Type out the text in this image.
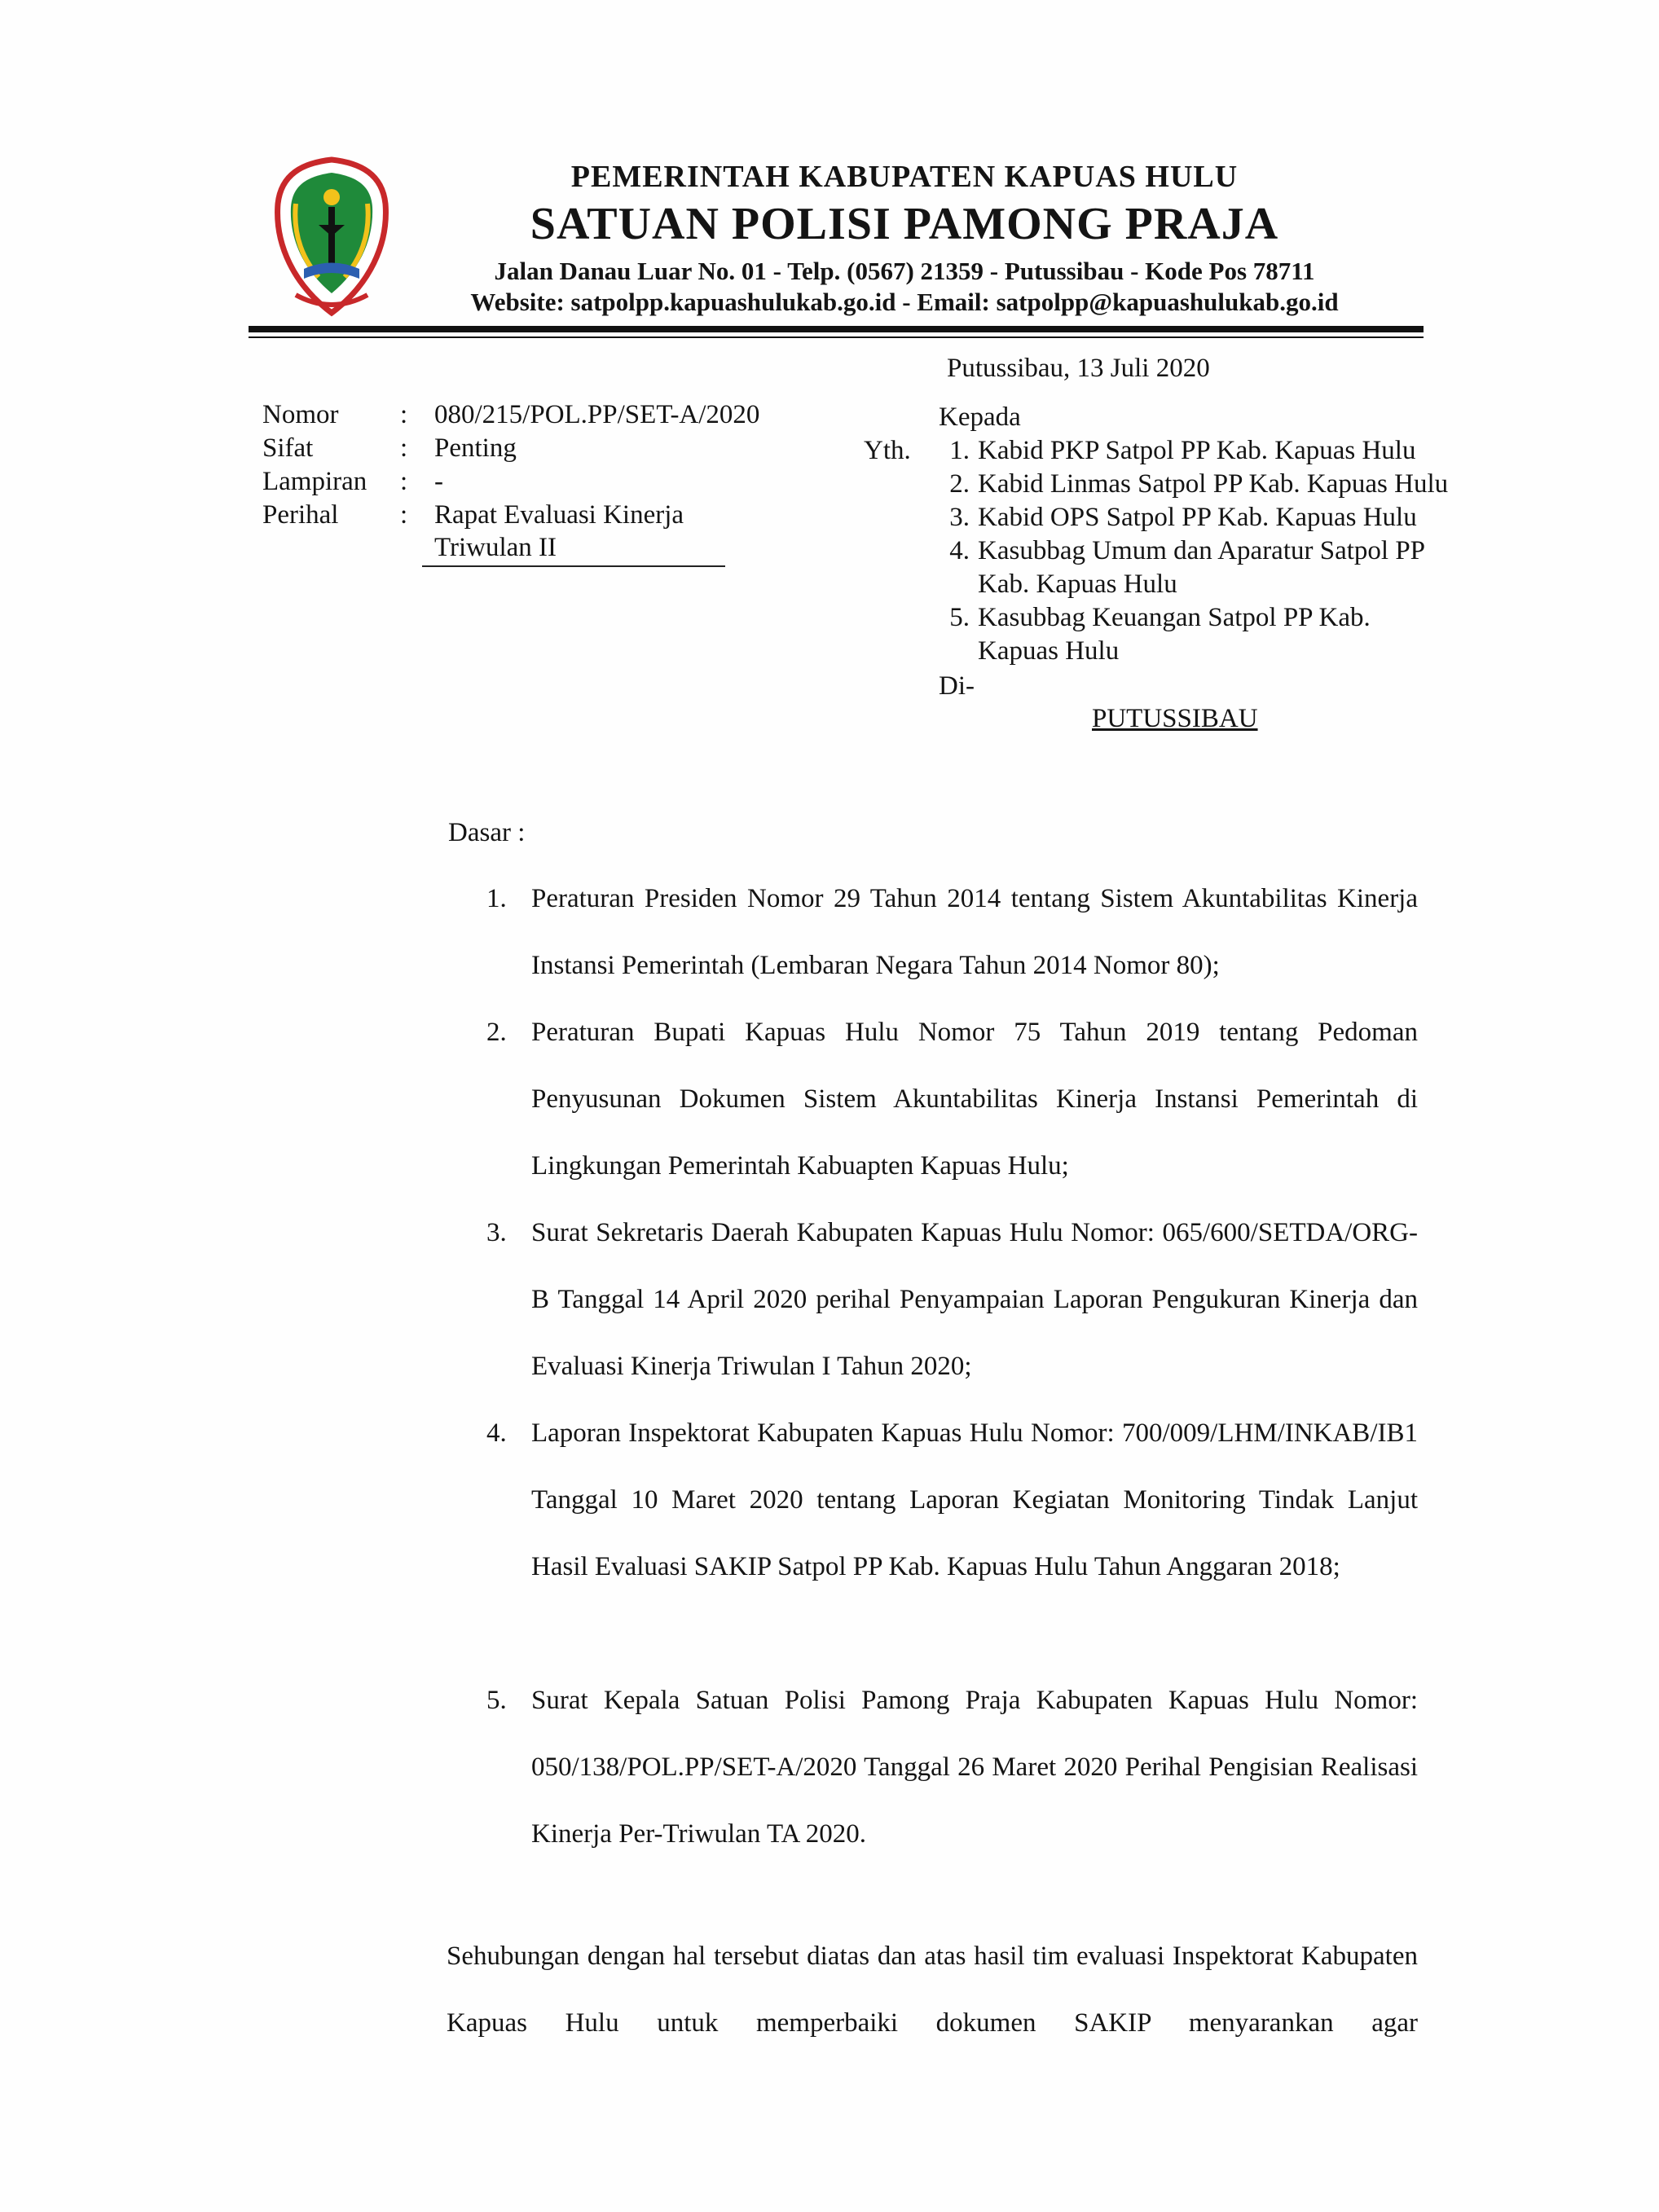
PEMERINTAH KABUPATEN KAPUAS HULU
SATUAN POLISI PAMONG PRAJA
Jalan Danau Luar No. 01 - Telp. (0567) 21359 - Putussibau - Kode Pos 78711
Website: satpolpp.kapuashulukab.go.id - Email: satpolpp@kapuashulukab.go.id
Putussibau, 13 Juli 2020
Nomor : 080/215/POL.PP/SET-A/2020
Sifat	: Penting
Lampiran : -
Perihal : Rapat Evaluasi Kinerja
Triwulan II
Kepada
Yth. 1. Kabid PKP Satpol PP Kab. Kapuas Hulu
2. Kabid Linmas Satpol PP Kab. Kapuas Hulu
3. Kabid OPS Satpol PP Kab. Kapuas Hulu
4. Kasubbag Umum dan Aparatur Satpol PP
Kab. Kapuas Hulu
5. Kasubbag Keuangan Satpol PP Kab.
Kapuas Hulu
Di-
PUTUSSIBAU
Dasar :
1. Peraturan Presiden Nomor 29 Tahun 2014 tentang Sistem Akuntabilitas Kinerja Instansi Pemerintah (Lembaran Negara Tahun 2014 Nomor 80);
2. Peraturan Bupati Kapuas Hulu Nomor 75 Tahun 2019 tentang Pedoman Penyusunan Dokumen Sistem Akuntabilitas Kinerja Instansi Pemerintah di Lingkungan Pemerintah Kabuapten Kapuas Hulu;
3. Surat Sekretaris Daerah Kabupaten Kapuas Hulu Nomor: 065/600/SETDA/ORG-B Tanggal 14 April 2020 perihal Penyampaian Laporan Pengukuran Kinerja dan Evaluasi Kinerja Triwulan I Tahun 2020;
4. Laporan Inspektorat Kabupaten Kapuas Hulu Nomor: 700/009/LHM/INKAB/IB1 Tanggal 10 Maret 2020 tentang Laporan Kegiatan Monitoring Tindak Lanjut Hasil Evaluasi SAKIP Satpol PP Kab. Kapuas Hulu Tahun Anggaran 2018;
5. Surat Kepala Satuan Polisi Pamong Praja Kabupaten Kapuas Hulu Nomor: 050/138/POL.PP/SET-A/2020 Tanggal 26 Maret 2020 Perihal Pengisian Realisasi Kinerja Per-Triwulan TA 2020.
Sehubungan dengan hal tersebut diatas dan atas hasil tim evaluasi Inspektorat Kabupaten Kapuas Hulu untuk memperbaiki dokumen SAKIP menyarankan agar
